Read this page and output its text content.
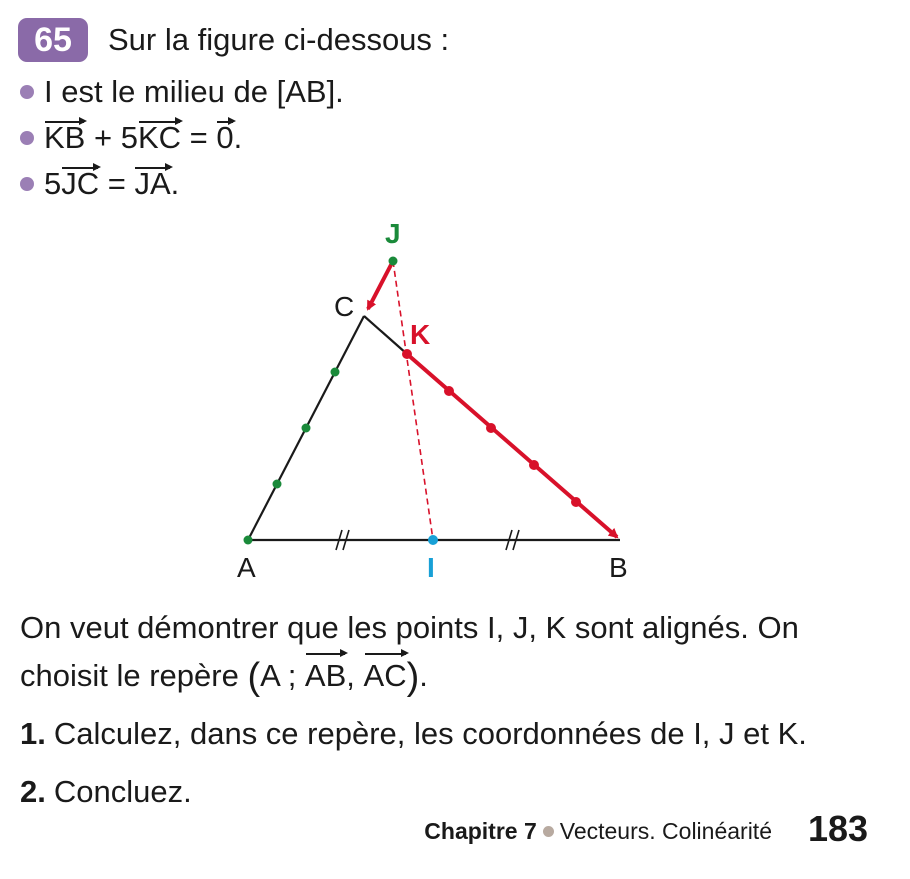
65	Sur la figure ci-dessous :
I est le milieu de [AB].
KB + 5KC = 0.
5JC = JA.
A	B
C
I
J
K
On veut démontrer que les points I, J, K sont alignés. On
choisit le repère (A ; AB, AC).
1. Calculez, dans ce repère, les coordonnées de I, J et K.
2. Concluez.
Chapitre 7 Vecteurs. Colinéarité 183
